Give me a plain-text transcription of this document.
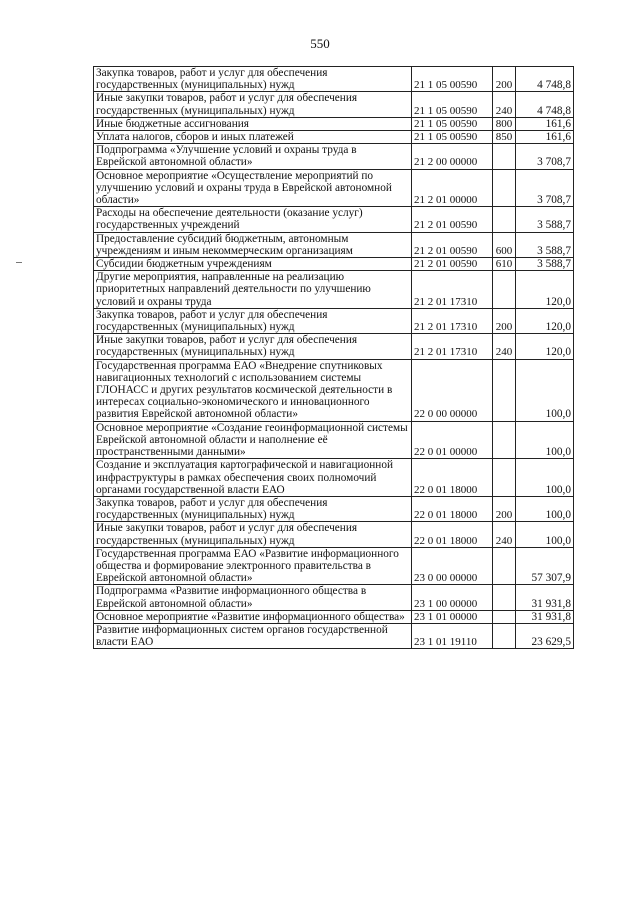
550
Закупка товаров, работ и услуг для обеспечения государственных (муниципальных) нужд	21 1 05 00590	200	4 748,8
Иные закупки товаров, работ и услуг для обеспечения государственных (муниципальных) нужд	21 1 05 00590	240	4 748,8
Иные бюджетные ассигнования	21 1 05 00590	800	161,6
Уплата налогов, сборов и иных платежей	21 1 05 00590	850	161,6
Подпрограмма «Улучшение условий и охраны труда в Еврейской автономной области»	21 2 00 00000		3 708,7
Основное мероприятие «Осуществление мероприятий по улучшению условий и охраны труда в Еврейской автономной области»	21 2 01 00000		3 708,7
Расходы на обеспечение деятельности (оказание услуг) государственных учреждений	21 2 01 00590		3 588,7
Предоставление субсидий бюджетным, автономным учреждениям и иным некоммерческим организациям	21 2 01 00590	600	3 588,7
Субсидии бюджетным учреждениям	21 2 01 00590	610	3 588,7
Другие мероприятия, направленные на реализацию приоритетных направлений деятельности по улучшению условий и охраны труда	21 2 01 17310		120,0
Закупка товаров, работ и услуг для обеспечения государственных (муниципальных) нужд	21 2 01 17310	200	120,0
Иные закупки товаров, работ и услуг для обеспечения государственных (муниципальных) нужд	21 2 01 17310	240	120,0
Государственная программа ЕАО «Внедрение спутниковых навигационных технологий с использованием системы ГЛОНАСС и других результатов космической деятельности в интересах социально-экономического и инновационного развития Еврейской автономной области»	22 0 00 00000		100,0
Основное мероприятие «Создание геоинформационной системы Еврейской автономной области и наполнение её пространственными данными»	22 0 01 00000		100,0
Создание и эксплуатация картографической и навигационной инфраструктуры в рамках обеспечения своих полномочий органами государственной власти ЕАО	22 0 01 18000		100,0
Закупка товаров, работ и услуг для обеспечения государственных (муниципальных) нужд	22 0 01 18000	200	100,0
Иные закупки товаров, работ и услуг для обеспечения государственных (муниципальных) нужд	22 0 01 18000	240	100,0
Государственная программа ЕАО «Развитие информационного общества и формирование электронного правительства в Еврейской автономной области»	23 0 00 00000		57 307,9
Подпрограмма «Развитие информационного общества в Еврейской автономной области»	23 1 00 00000		31 931,8
Основное мероприятие «Развитие информационного общества»	23 1 01 00000		31 931,8
Развитие информационных систем органов государственной власти ЕАО	23 1 01 19110		23 629,5
